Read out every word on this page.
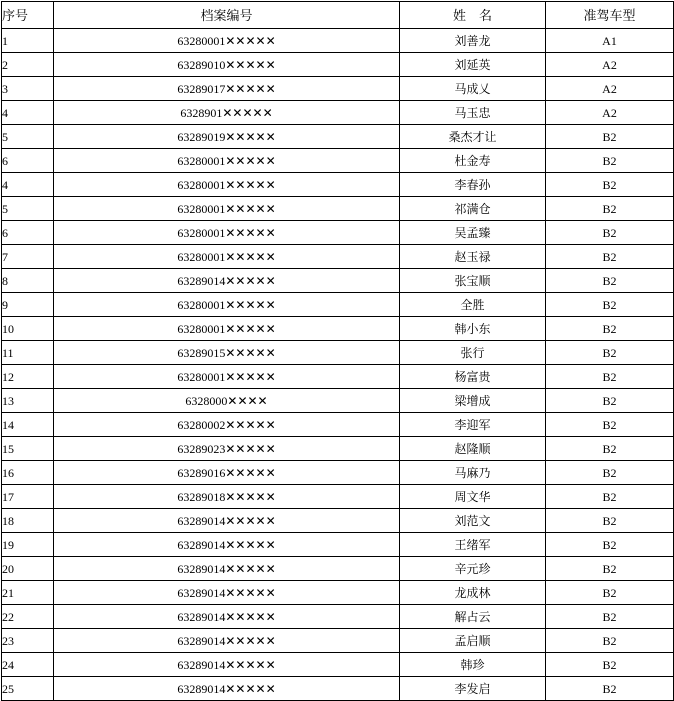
序号	档案编号	姓　名	准驾车型
1	63280001✕✕✕✕✕	刘善龙	A1
2	63289010✕✕✕✕✕	刘延英	A2
3	63289017✕✕✕✕✕	马成乂	A2
4	6328901✕✕✕✕✕	马玉忠	A2
5	63289019✕✕✕✕✕	桑杰才让	B2
6	63280001✕✕✕✕✕	杜金寿	B2
4	63280001✕✕✕✕✕	李春孙	B2
5	63280001✕✕✕✕✕	祁满仓	B2
6	63280001✕✕✕✕✕	吴孟臻	B2
7	63280001✕✕✕✕✕	赵玉禄	B2
8	63289014✕✕✕✕✕	张宝顺	B2
9	63280001✕✕✕✕✕	全胜	B2
10	63280001✕✕✕✕✕	韩小东	B2
11	63289015✕✕✕✕✕	张行	B2
12	63280001✕✕✕✕✕	杨富贵	B2
13	6328000✕✕✕✕	梁增成	B2
14	63280002✕✕✕✕✕	李迎军	B2
15	63289023✕✕✕✕✕	赵隆顺	B2
16	63289016✕✕✕✕✕	马麻乃	B2
17	63289018✕✕✕✕✕	周文华	B2
18	63289014✕✕✕✕✕	刘范文	B2
19	63289014✕✕✕✕✕	王绪军	B2
20	63289014✕✕✕✕✕	辛元珍	B2
21	63289014✕✕✕✕✕	龙成林	B2
22	63289014✕✕✕✕✕	解占云	B2
23	63289014✕✕✕✕✕	孟启顺	B2
24	63289014✕✕✕✕✕	韩珍	B2
25	63289014✕✕✕✕✕	李发启	B2
